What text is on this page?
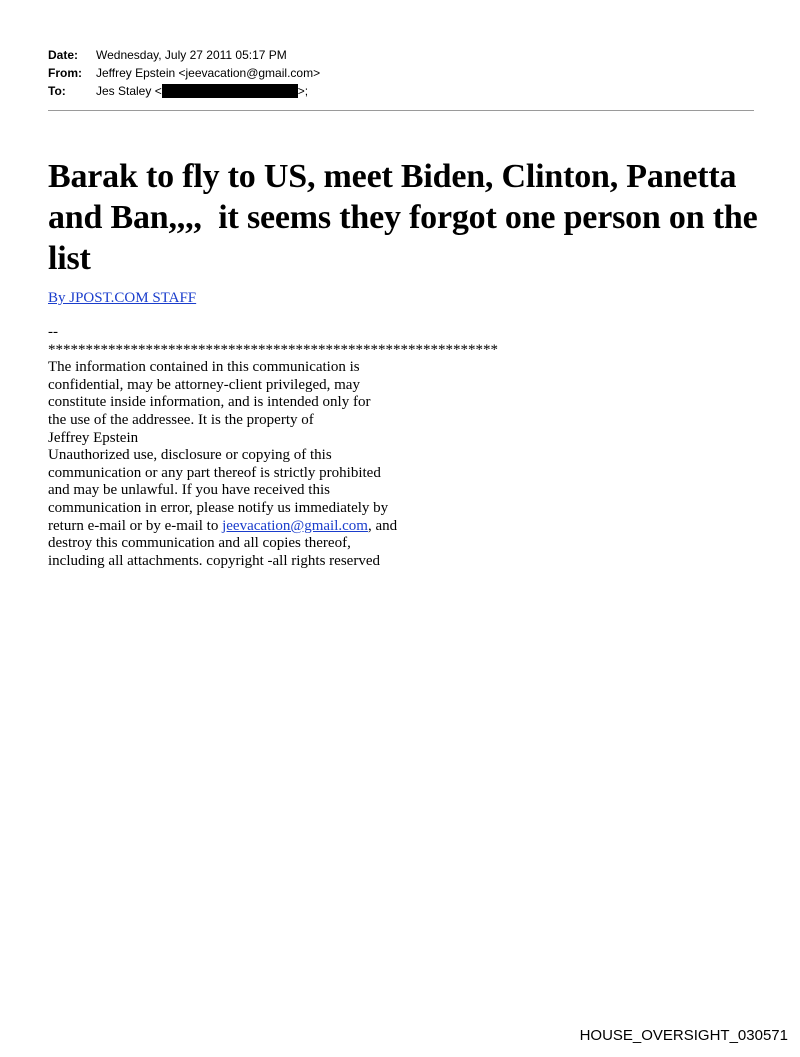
Date:	Wednesday, July 27 2011 05:17 PM
From:	Jeffrey Epstein <jeevacation@gmail.com>
To:	Jes Staley <	>;
Barak to fly to US, meet Biden, Clinton, Panetta
and Ban,,,,  it seems they forgot one person on the
list
By JPOST.COM STAFF
--
************************************************************
The information contained in this communication is
confidential, may be attorney-client privileged, may
constitute inside information, and is intended only for
the use of the addressee. It is the property of
Jeffrey Epstein
Unauthorized use, disclosure or copying of this
communication or any part thereof is strictly prohibited
and may be unlawful. If you have received this
communication in error, please notify us immediately by
return e-mail or by e-mail to jeevacation@gmail.com, and
destroy this communication and all copies thereof,
including all attachments. copyright -all rights reserved
HOUSE_OVERSIGHT_030571
